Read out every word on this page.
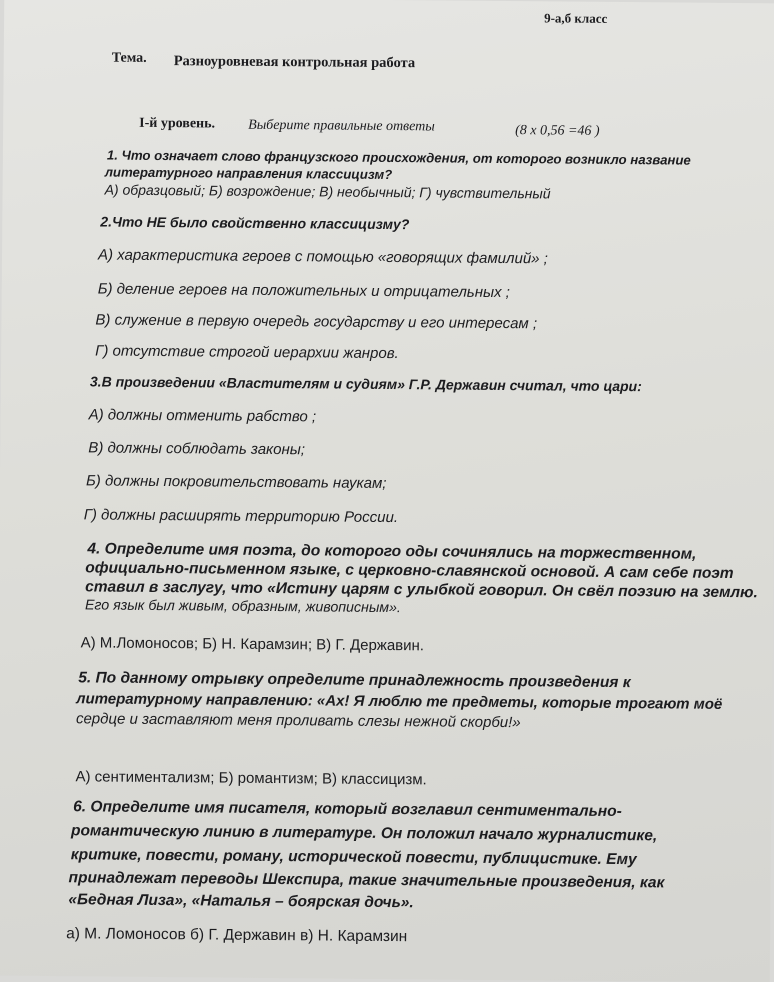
9-а,б класс
Тема. Разноуровневая контрольная работа
I-й уровень. Выберите правильные ответы	(8 х 0,56 =46 )
1. Что означает слово французского происхождения, от которого возникло название
литературного направления классицизм?
А) образцовый; Б) возрождение; В) необычный; Г) чувствительный
2.Что НЕ было свойственно классицизму?
А) характеристика героев с помощью «говорящих фамилий» ;
Б) деление героев на положительных и отрицательных ;
В) служение в первую очередь государству и его интересам ;
Г) отсутствие строгой иерархии жанров.
3.В произведении «Властителям и судиям» Г.Р. Державин считал, что цари:
А) должны отменить рабство ;
В) должны соблюдать законы;
Б) должны покровительствовать наукам;
Г) должны расширять территорию России.
4. Определите имя поэта, до которого оды сочинялись на торжественном,
официально-письменном языке, с церковно-славянской основой. А сам себе поэт
ставил в заслугу, что «Истину царям с улыбкой говорил. Он свёл поэзию на землю.
Его язык был живым, образным, живописным».
А) М.Ломоносов; Б) Н. Карамзин; В) Г. Державин.
5. По данному отрывку определите принадлежность произведения к
литературному направлению: «Ах! Я люблю те предметы, которые трогают моё
сердце и заставляют меня проливать слезы нежной скорби!»
А) сентиментализм; Б) романтизм; В) классицизм.
6. Определите имя писателя, который возглавил сентиментально-
романтическую линию в литературе. Он положил начало журналистике,
критике, повести, роману, исторической повести, публицистике. Ему
принадлежат переводы Шекспира, такие значительные произведения, как
«Бедная Лиза», «Наталья – боярская дочь».
а) М. Ломоносов б) Г. Державин в) Н. Карамзин
